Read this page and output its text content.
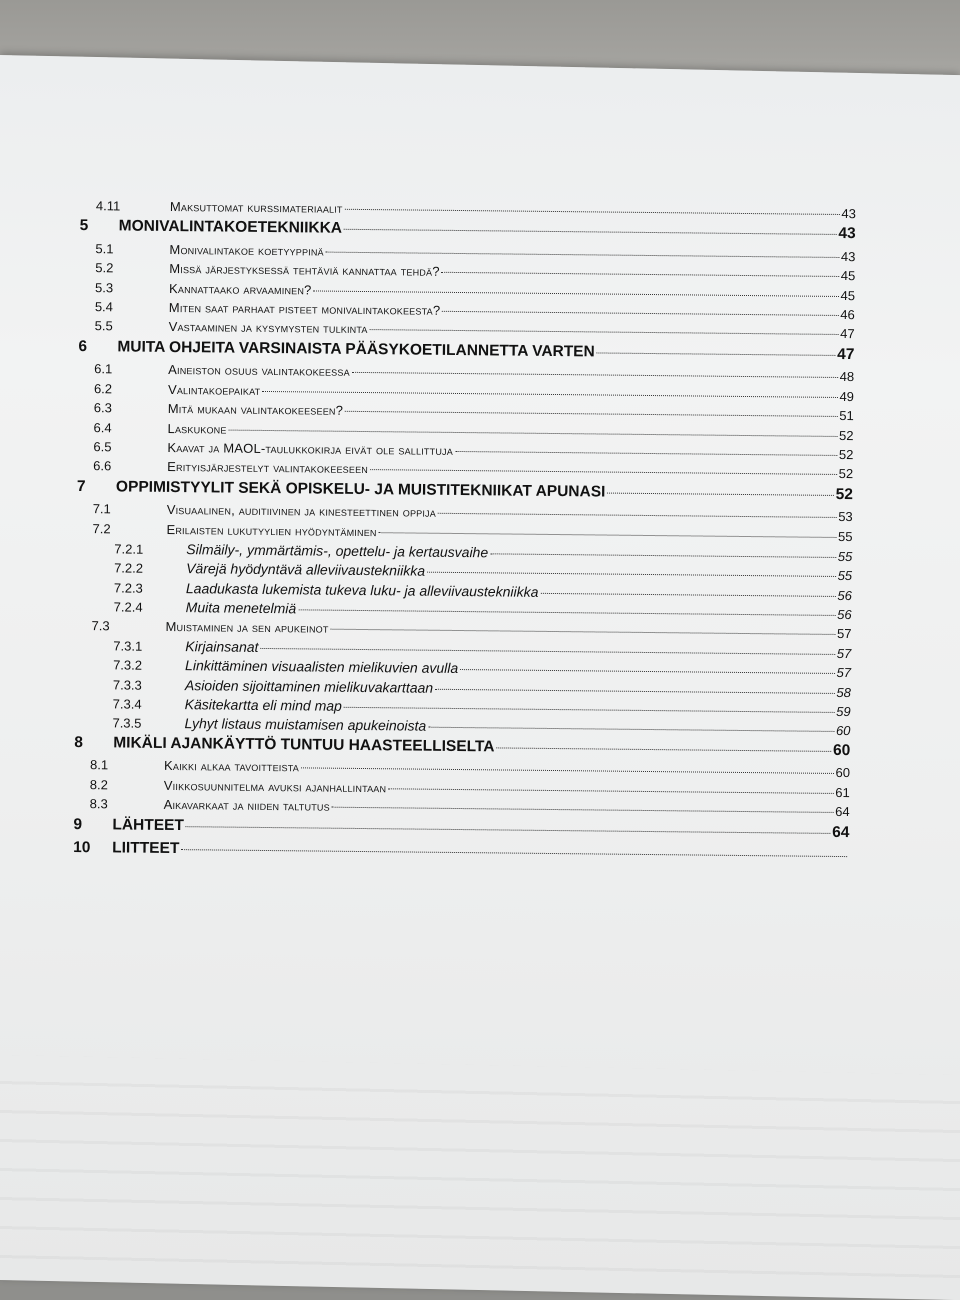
4.11	Maksuttomat kurssimateriaalit	43
5	MONIVALINTAKOETEKNIIKKA	43
5.1	Monivalintakoe koetyyppinä	43
5.2	Missä järjestyksessä tehtäviä kannattaa tehdä?	45
5.3	Kannattaako arvaaminen?	45
5.4	Miten saat parhaat pisteet monivalintakokeesta?	46
5.5	Vastaaminen ja kysymysten tulkinta	47
6	MUITA OHJEITA VARSINAISTA PÄÄSYKOETILANNETTA VARTEN	47
6.1	Aineiston osuus valintakokeessa	48
6.2	Valintakoepaikat	49
6.3	Mitä mukaan valintakokeeseen?	51
6.4	Laskukone	52
6.5	Kaavat ja MAOL-taulukkokirja eivät ole sallittuja	52
6.6	Erityisjärjestelyt valintakokeeseen	52
7	OPPIMISTYYLIT SEKÄ OPISKELU- JA MUISTITEKNIIKAT APUNASI	52
7.1	Visuaalinen, auditiivinen ja kinesteettinen oppija	53
7.2	Erilaisten lukutyylien hyödyntäminen	55
7.2.1	Silmäily-, ymmärtämis-, opettelu- ja kertausvaihe	55
7.2.2	Värejä hyödyntävä alleviivaustekniikka	55
7.2.3	Laadukasta lukemista tukeva luku- ja alleviivaustekniikka	56
7.2.4	Muita menetelmiä	56
7.3	Muistaminen ja sen apukeinot	57
7.3.1	Kirjainsanat	57
7.3.2	Linkittäminen visuaalisten mielikuvien avulla	57
7.3.3	Asioiden sijoittaminen mielikuvakarttaan	58
7.3.4	Käsitekartta eli mind map	59
7.3.5	Lyhyt listaus muistamisen apukeinoista	60
8	MIKÄLI AJANKÄYTTÖ TUNTUU HAASTEELLISELTA	60
8.1	Kaikki alkaa tavoitteista	60
8.2	Viikkosuunnitelma avuksi ajanhallintaan	61
8.3	Aikavarkaat ja niiden taltutus	64
9	LÄHTEET	64
10	LIITTEET
